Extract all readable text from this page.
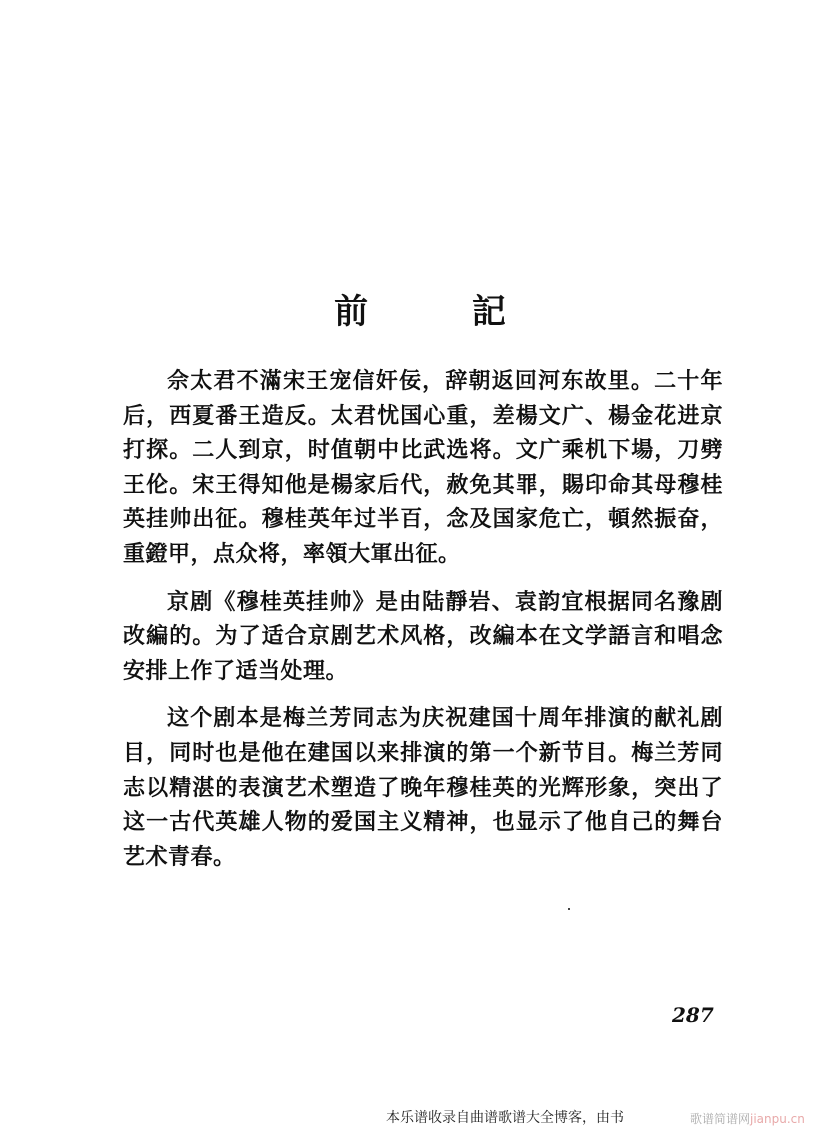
前 記

佘太君不滿宋王宠信奸佞，辞朝返回河东故里。二十年后，西夏番王造反。太君忧国心重，差楊文广、楊金花进京打探。二人到京，时值朝中比武选将。文广乘机下場，刀劈王伦。宋王得知他是楊家后代，赦免其罪，賜印命其母穆桂英挂帅出征。穆桂英年过半百，念及国家危亡，頓然振奋，重鐙甲，点众将，率領大軍出征。

京剧《穆桂英挂帅》是由陆靜岩、袁韵宜根据同名豫剧改編的。为了适合京剧艺术风格，改編本在文学語言和唱念安排上作了适当处理。

这个剧本是梅兰芳同志为庆祝建国十周年排演的献礼剧目，同时也是他在建国以来排演的第一个新节目。梅兰芳同志以精湛的表演艺术塑造了晚年穆桂英的光辉形象，突出了这一古代英雄人物的爱国主义精神，也显示了他自己的舞台艺术青春。

287
本乐谱收录自曲谱歌谱大全博客，由书	歌谱简谱网jianpu.cn
